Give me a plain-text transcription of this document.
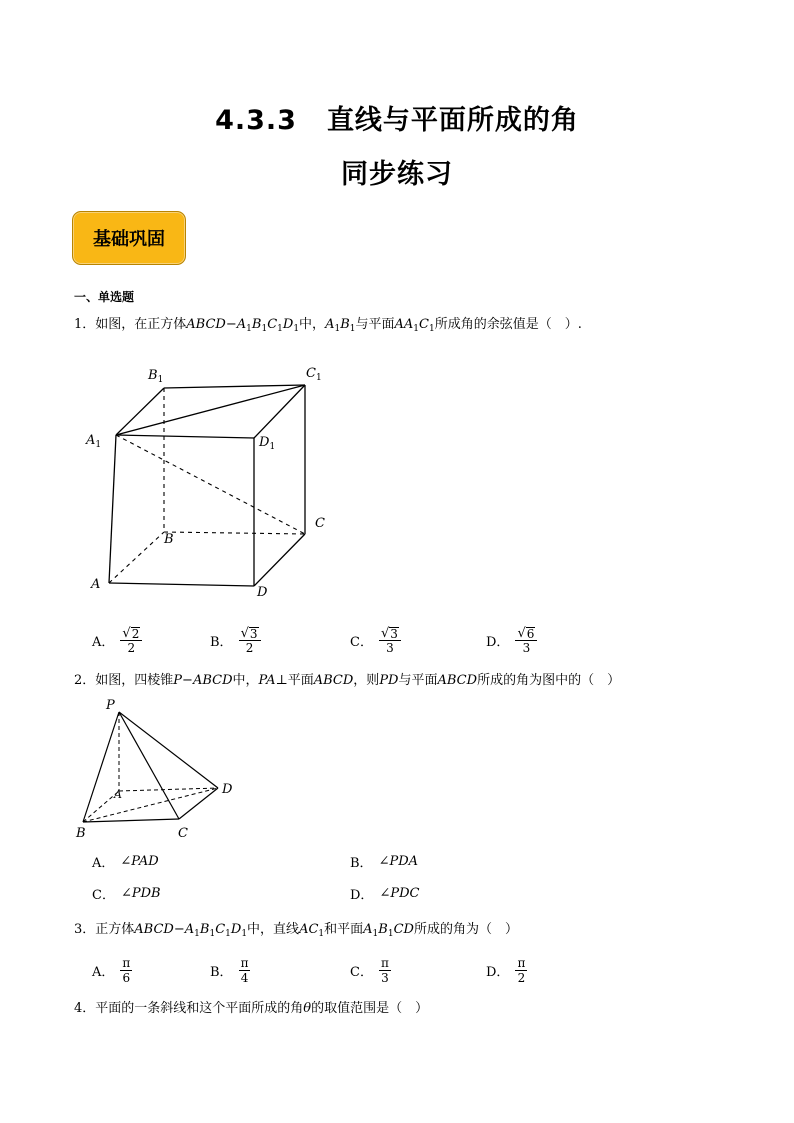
4.3.3 直线与平面所成的角
同步练习
基础巩固
一、单选题
1．如图，在正方体$ABCD-A_1B_1C_1D_1$中，$A_1B_1$与平面$AA_1C_1$所成角的余弦值是（　）.
$B_1$	$C_1$
$A_1$	$D_1$
C
B
A
D
A． $\frac{√ 2}{2}$	B． $\frac{√ 3}{2}$	C． $\frac{√ 3}{3}$	D． $\frac{√ 6}{3}$
2．如图，四棱锥P−ABCD中，PA⊥平面ABCD，则PD与平面ABCD所成的角为图中的（　）
P
A	D
B	C
A． ∠PAD	B． ∠PDA
C． ∠PDB	D． ∠PDC
3．正方体$ABCD-A_1B_1C_1D_1$中，直线$AC_1$和平面$A_1B_1CD$所成的角为（　）
A． $\frac{\pi}{6}$	B． $\frac{\pi}{4}$	C． $\frac{\pi}{3}$	D． $\frac{\pi}{2}$
4．平面的一条斜线和这个平面所成的角θ的取值范围是（　）
